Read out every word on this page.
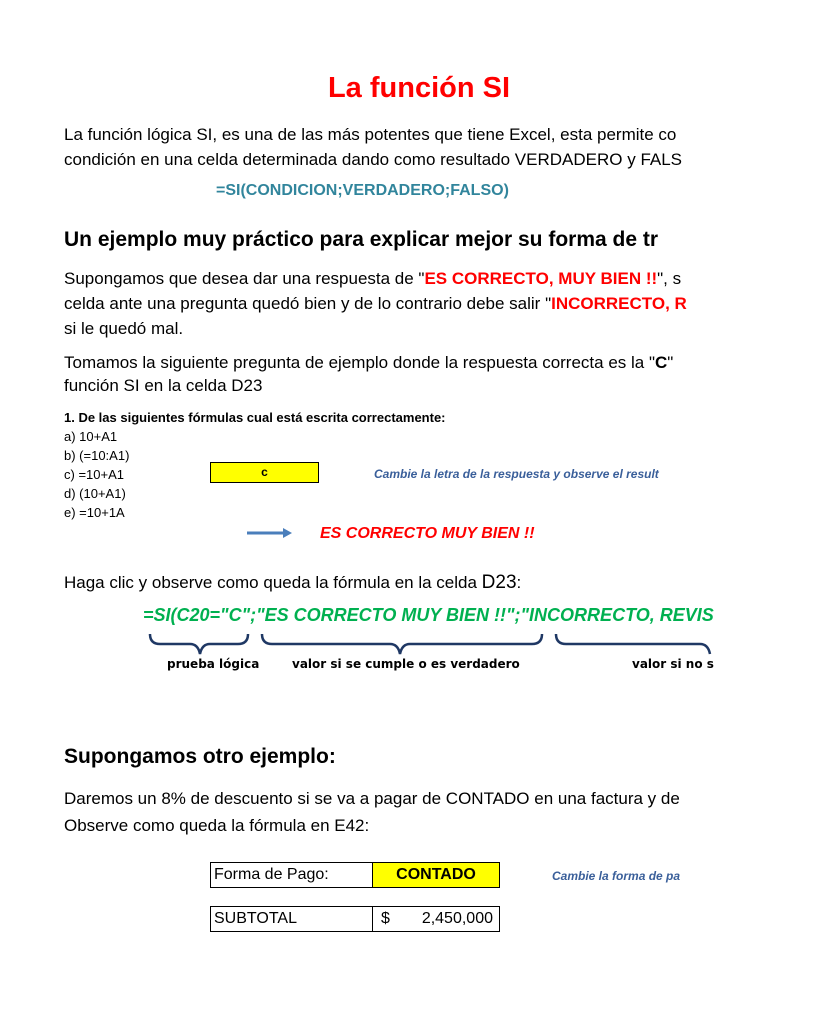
La función SI
La función lógica SI, es una de las más potentes que tiene Excel, esta permite co
condición en una celda determinada dando como resultado VERDADERO y FALS
=SI(CONDICION;VERDADERO;FALSO)
Un ejemplo muy práctico para explicar mejor su forma de tr
Supongamos que desea dar una respuesta de "ES CORRECTO, MUY BIEN !!", s
celda ante una pregunta quedó bien y de lo contrario debe salir "INCORRECTO, R
si le quedó mal.
Tomamos la siguiente pregunta de ejemplo donde la respuesta correcta es la "C"
función SI en la celda D23
1. De las siguientes fórmulas cual está escrita correctamente:
a) 10+A1
b) (=10:A1)
c) =10+A1
d) (10+A1)
e) =10+1A
c	Cambie la letra de la respuesta y observe el result
ES CORRECTO MUY BIEN !!
Haga clic y observe como queda la fórmula en la celda D23:
=SI(C20="C";"ES CORRECTO MUY BIEN !!";"INCORRECTO, REVIS
prueba lógica	valor si se cumple o es verdadero	valor si no s
Supongamos otro ejemplo:
Daremos un 8% de descuento si se va a pagar de CONTADO en una factura y de
Observe como queda la fórmula en E42:
Forma de Pago:	CONTADO	Cambie la forma de pa
SUBTOTAL	$ 2,450,000
